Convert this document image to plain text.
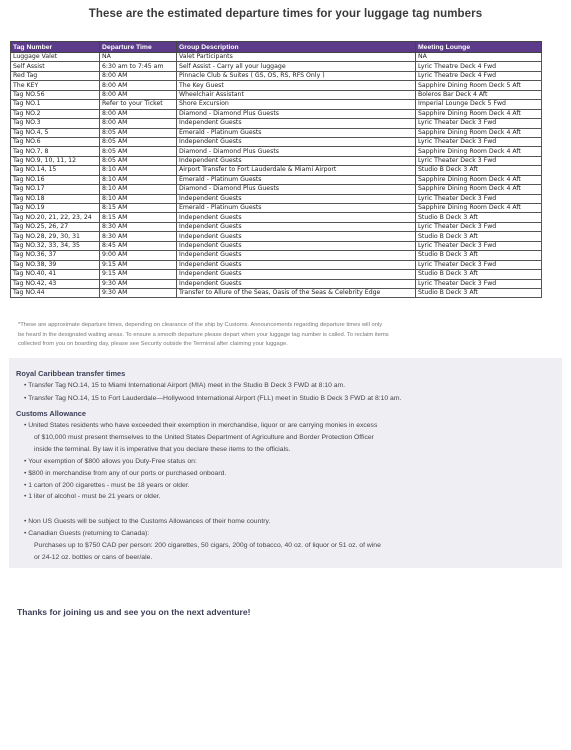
These are the estimated departure times for your luggage tag numbers
Tag Number	Departure Time	Group Description	Meeting Lounge
Luggage Valet	NA	Valet Participants	NA
Self Assist	6:30 am to 7:45 am	Self Assist - Carry all your luggage	Lyric Theatre Deck 4 Fwd
Red Tag	8:00 AM	Pinnacle Club & Suites ( GS, OS, RS, RFS Only )	Lyric Theatre Deck 4 Fwd
The KEY	8:00 AM	The Key Guest	Sapphire Dining Room Deck 5 Aft
Tag NO.56	8:00 AM	Wheelchair Assistant	Boleros Bar Deck 4 Aft
Tag NO.1	Refer to your Ticket	Shore Excursion	Imperial Lounge Deck 5 Fwd
Tag NO.2	8:00 AM	Diamond - Diamond Plus Guests	Sapphire Dining Room Deck 4 Aft
Tag NO.3	8:00 AM	Independent Guests	Lyric Theater Deck 3 Fwd
Tag NO.4, 5	8:05 AM	Emerald - Platinum Guests	Sapphire Dining Room Deck 4 Aft
Tag NO.6	8:05 AM	Independent Guests	Lyric Theater Deck 3 Fwd
Tag NO.7, 8	8:05 AM	Diamond - Diamond Plus Guests	Sapphire Dining Room Deck 4 Aft
Tag NO.9, 10, 11, 12	8:05 AM	Independent Guests	Lyric Theater Deck 3 Fwd
Tag NO.14, 15	8:10 AM	Airport Transfer to Fort Lauderdale & Miami Airport	Studio B Deck 3 Aft
Tag NO.16	8:10 AM	Emerald - Platinum Guests	Sapphire Dining Room Deck 4 Aft
Tag NO.17	8:10 AM	Diamond - Diamond Plus Guests	Sapphire Dining Room Deck 4 Aft
Tag NO.18	8:10 AM	Independent Guests	Lyric Theater Deck 3 Fwd
Tag NO.19	8:15 AM	Emerald - Platinum Guests	Sapphire Dining Room Deck 4 Aft
Tag NO.20, 21, 22, 23, 24	8:15 AM	Independent Guests	Studio B Deck 3 Aft
Tag NO.25, 26, 27	8:30 AM	Independent Guests	Lyric Theater Deck 3 Fwd
Tag NO.28, 29, 30, 31	8:30 AM	Independent Guests	Studio B Deck 3 Aft
Tag NO.32, 33, 34, 35	8:45 AM	Independent Guests	Lyric Theater Deck 3 Fwd
Tag NO.36, 37	9:00 AM	Independent Guests	Studio B Deck 3 Aft
Tag NO.38, 39	9:15 AM	Independent Guests	Lyric Theater Deck 3 Fwd
Tag NO.40, 41	9:15 AM	Independent Guests	Studio B Deck 3 Aft
Tag NO.42, 43	9:30 AM	Independent Guests	Lyric Theater Deck 3 Fwd
Tag NO.44	9:30 AM	Transfer to Allure of the Seas, Oasis of the Seas & Celebrity Edge	Studio B Deck 3 Aft
*These are approximate departure times, depending on clearance of the ship by Customs. Announcements regarding departure times will only
be heard in the designated waiting areas. To ensure a smooth departure please depart when your luggage tag number is called. To reclaim items
collected from you on boarding day, please see Security outside the Terminal after claiming your luggage.
Royal Caribbean transfer times
• Transfer Tag NO.14, 15 to Miami International Airport (MIA) meet in the Studio B Deck 3 FWD at 8:10 am.
• Transfer Tag NO.14, 15 to Fort Lauderdale—Hollywood International Airport (FLL) meet in Studio B Deck 3 FWD at 8:10 am.
Customs Allowance
• United States residents who have exceeded their exemption in merchandise, liquor or are carrying monies in excess
of $10,000 must present themselves to the United States Department of Agriculture and Border Protection Officer
inside the terminal. By law it is imperative that you declare these items to the officials.
• Your exemption of $800 allows you Duty-Free status on:
• $800 in merchandise from any of our ports or purchased onboard.
• 1 carton of 200 cigarettes - must be 18 years or older.
• 1 liter of alcohol - must be 21 years or older.
• Non US Guests will be subject to the Customs Allowances of their home country.
• Canadian Guests (returning to Canada):
Purchases up to $750 CAD per person: 200 cigarettes, 50 cigars, 200g of tobacco, 40 oz. of liquor or 51 oz. of wine
or 24-12 oz. bottles or cans of beer/ale.
Thanks for joining us and see you on the next adventure!
